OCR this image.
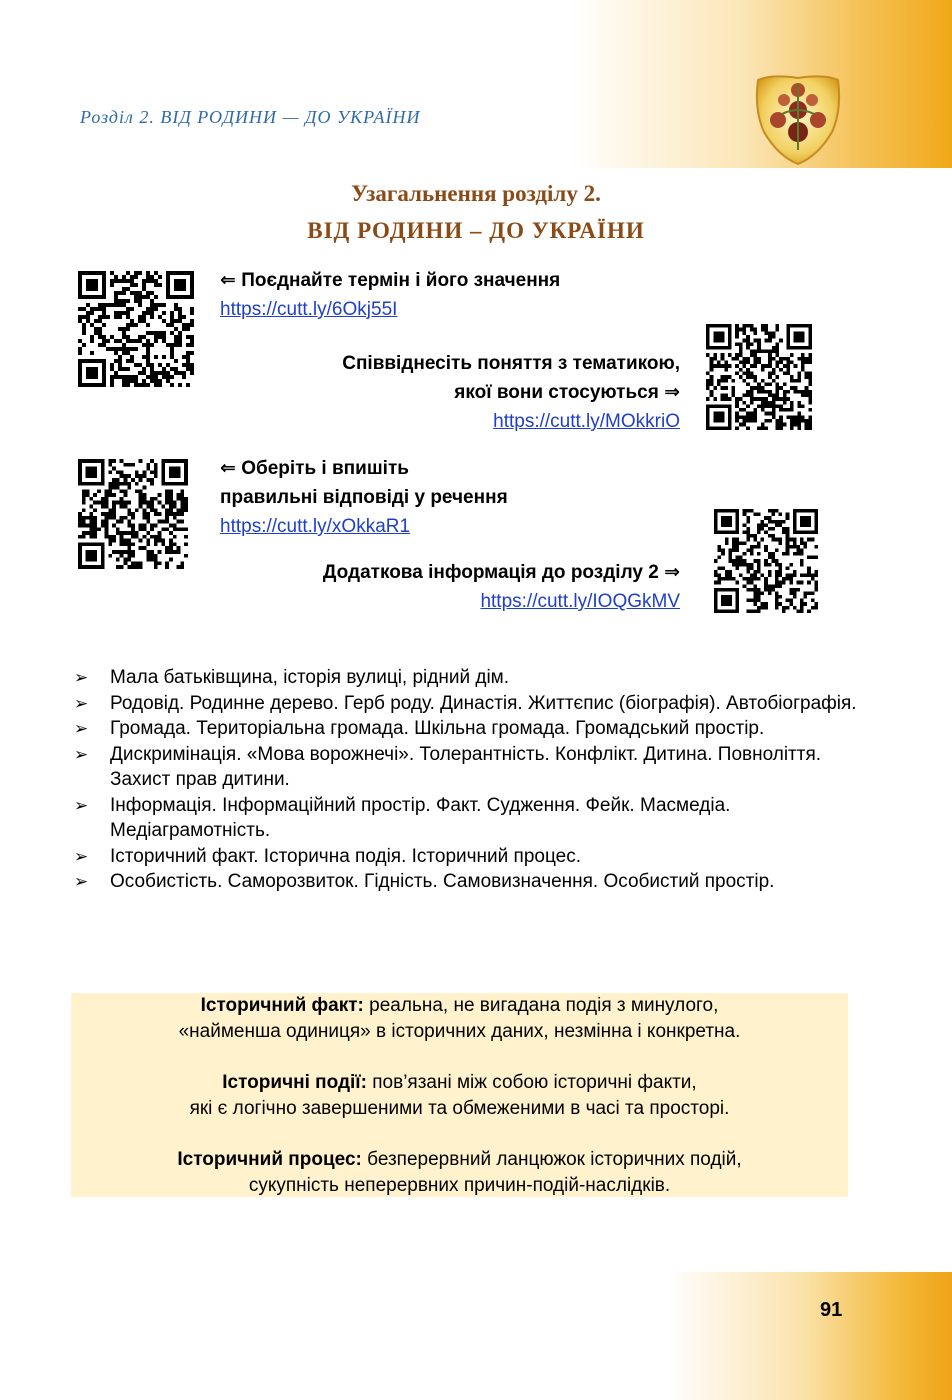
Розділ 2. ВІД РОДИНИ — ДО УКРАЇНИ
Узагальнення розділу 2.
ВІД РОДИНИ – ДО УКРАЇНИ
⇐ Поєднайте термін і його значення
https://cutt.ly/6Okj55I
Співвіднесіть поняття з тематикою,
якої вони стосуються ⇒
https://cutt.ly/MOkkriO
⇐ Оберіть і впишіть
правильні відповіді у речення
https://cutt.ly/xOkkaR1
Додаткова інформація до розділу 2 ⇒
https://cutt.ly/IOQGkMV
➢ Мала батьківщина, історія вулиці, рідний дім.
➢ Родовід. Родинне дерево. Герб роду. Династія. Життєпис (біографія). Автобіографія.
➢ Громада. Територіальна громада. Шкільна громада. Громадський простір.
➢ Дискримінація. «Мова ворожнечі». Толерантність. Конфлікт. Дитина. Повноліття. Захист прав дитини.
➢ Інформація. Інформаційний простір. Факт. Судження. Фейк. Масмедіа. Медіаграмотність.
➢ Історичний факт. Історична подія. Історичний процес.
➢ Особистість. Саморозвиток. Гідність. Самовизначення. Особистий простір.

Історичний факт: реальна, не вигадана подія з минулого,

«найменша одиниця» в історичних даних, незмінна і конкретна.

Історичні події: пов’язані між собою історичні факти,

які є логічно завершеними та обмеженими в часі та просторі.

Історичний процес: безперервний ланцюжок історичних подій,

сукупність неперервних причин-подій-наслідків.

91
